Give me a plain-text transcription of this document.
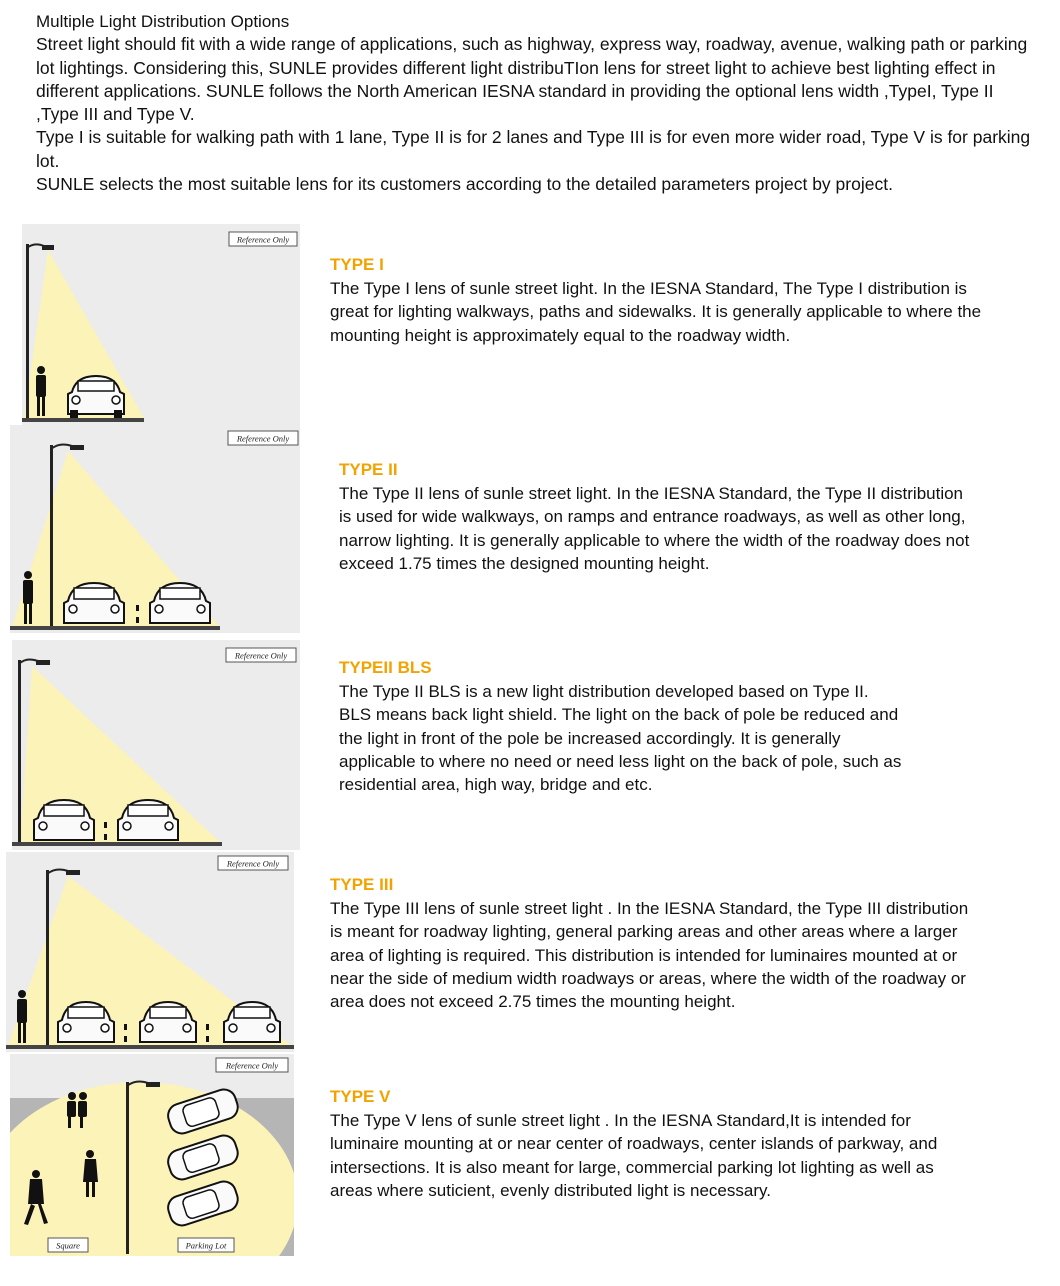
Multiple Light Distribution Options

Street light should fit with a wide range of applications, such as highway, express way, roadway, avenue, walking path or parking lot lightings. Considering this, SUNLE provides different light distribuTIon lens for street light to achieve best lighting effect in different applications. SUNLE follows the North American IESNA standard in providing the optional lens width ,TypeI, Type II ,Type III and Type V.

Type I is suitable for walking path with 1 lane, Type II is for 2 lanes and Type III is for even more wider road, Type V is for parking lot.

SUNLE selects the most suitable lens for its customers according to the detailed parameters project by project.

Reference Only
TYPE I

The Type I lens of sunle street light. In the IESNA Standard, The Type I distribution is great for lighting walkways, paths and sidewalks. It is generally applicable to where the mounting height is approximately equal to the roadway width.

Reference Only
TYPE II

The Type II lens of sunle street light. In the IESNA Standard, the Type II distribution is used for wide walkways, on ramps and entrance roadways, as well as other long, narrow lighting. It is generally applicable to where the width of the roadway does not exceed 1.75 times the designed mounting height.

Reference Only
TYPEII BLS

The Type II BLS is a new light distribution developed based on Type II.

BLS means back light shield. The light on the back of pole be reduced and the light in front of the pole be increased accordingly. It is generally applicable to where no need or need less light on the back of pole, such as residential area, high way, bridge and etc.

Reference Only
TYPE III

The Type III lens of sunle street light . In the IESNA Standard, the Type III distribution is meant for roadway lighting, general parking areas and other areas where a larger area of lighting is required. This distribution is intended for luminaires mounted at or near the side of medium width roadways or areas, where the width of the roadway or area does not exceed 2.75 times the mounting height.

Reference Only
Square	Parking Lot
TYPE V

The Type V lens of sunle street light . In the IESNA Standard,It is intended for luminaire mounting at or near center of roadways, center islands of parkway, and intersections. It is also meant for large, commercial parking lot lighting as well as areas where suticient, evenly distributed light is necessary.
